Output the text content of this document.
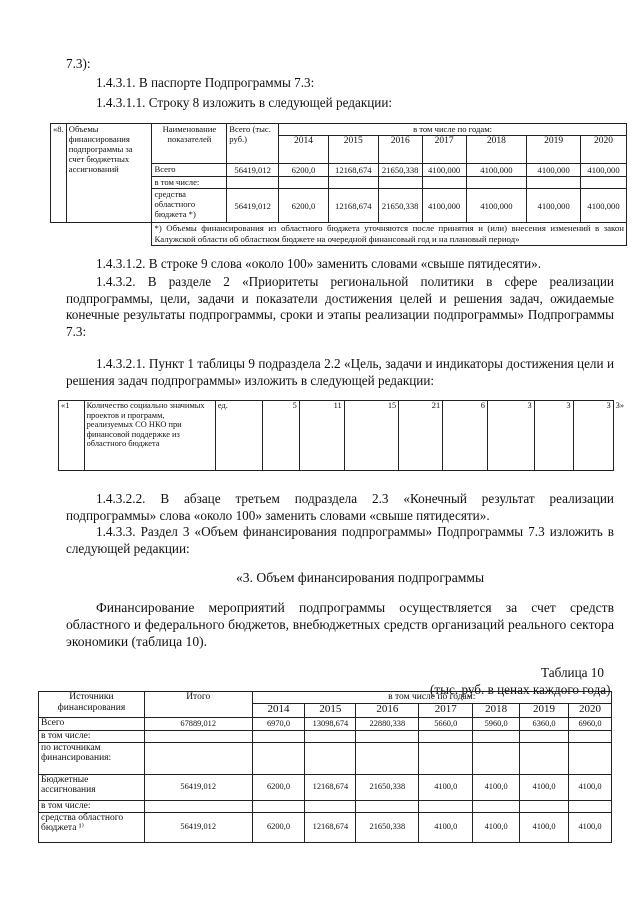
7.3):
1.4.3.1. В паспорте Подпрограммы 7.3:
1.4.3.1.1. Строку 8 изложить в следующей редакции:
«8.	Объемы финансирования подпрограммы за счет бюджетных ассигнований	Наименование показателей	Всего (тыс. руб.)	в том числе по годам:						
				2014	2015	2016	2017	2018	2019	2020
		Всего	56419,012	6200,0	12168,674	21650,338	4100,000	4100,000	4100,000	4100,000
		в том числе:								
		средства областного бюджета *)	56419,012	6200,0	12168,674	21650,338	4100,000	4100,000	4100,000	4100,000
		*) Объемы финансирования из областного бюджета уточняются после принятия и (или) внесения изменений в закон Калужской области об областном бюджете на очередной финансовый год и на плановый период»								
1.4.3.1.2. В строке 9 слова «около 100» заменить словами «свыше пятидесяти».
1.4.3.2. В разделе 2 «Приоритеты региональной политики в сфере реализации подпрограммы, цели, задачи и показатели достижения целей и решения задач, ожидаемые конечные результаты подпрограммы, сроки и этапы реализации подпрограммы» Подпрограммы 7.3:
1.4.3.2.1. Пункт 1 таблицы 9 подраздела 2.2 «Цель, задачи и индикаторы достижения цели и решения задач подпрограммы» изложить в следующей редакции:
«1	Количество социально значимых проектов и программ, реализуемых СО НКО при финансовой поддержке из областного бюджета	ед.	5	11	15	21	6	3	3	3	3»
1.4.3.2.2. В абзаце третьем подраздела 2.3 «Конечный результат реализации подпрограммы» слова «около 100» заменить словами «свыше пятидесяти».
1.4.3.3. Раздел 3 «Объем финансирования подпрограммы» Подпрограммы 7.3 изложить в следующей редакции:
«3. Объем финансирования подпрограммы
Финансирование мероприятий подпрограммы осуществляется за счет средств областного и федерального бюджетов, внебюджетных средств организаций реального сектора экономики (таблица 10).
Таблица 10
(тыс. руб. в ценах каждого года)
Источники финансирования	Итого	в том числе по годам:						
		2014	2015	2016	2017	2018	2019	2020
Всего	67889,012	6970,0	13098,674	22880,338	5660,0	5960,0	6360,0	6960,0
в том числе:								
по источникам финансирования:								
Бюджетные ассигнования	56419,012	6200,0	12168,674	21650,338	4100,0	4100,0	4100,0	4100,0
в том числе:								
средства областного бюджета ¹⁾	56419,012	6200,0	12168,674	21650,338	4100,0	4100,0	4100,0	4100,0
